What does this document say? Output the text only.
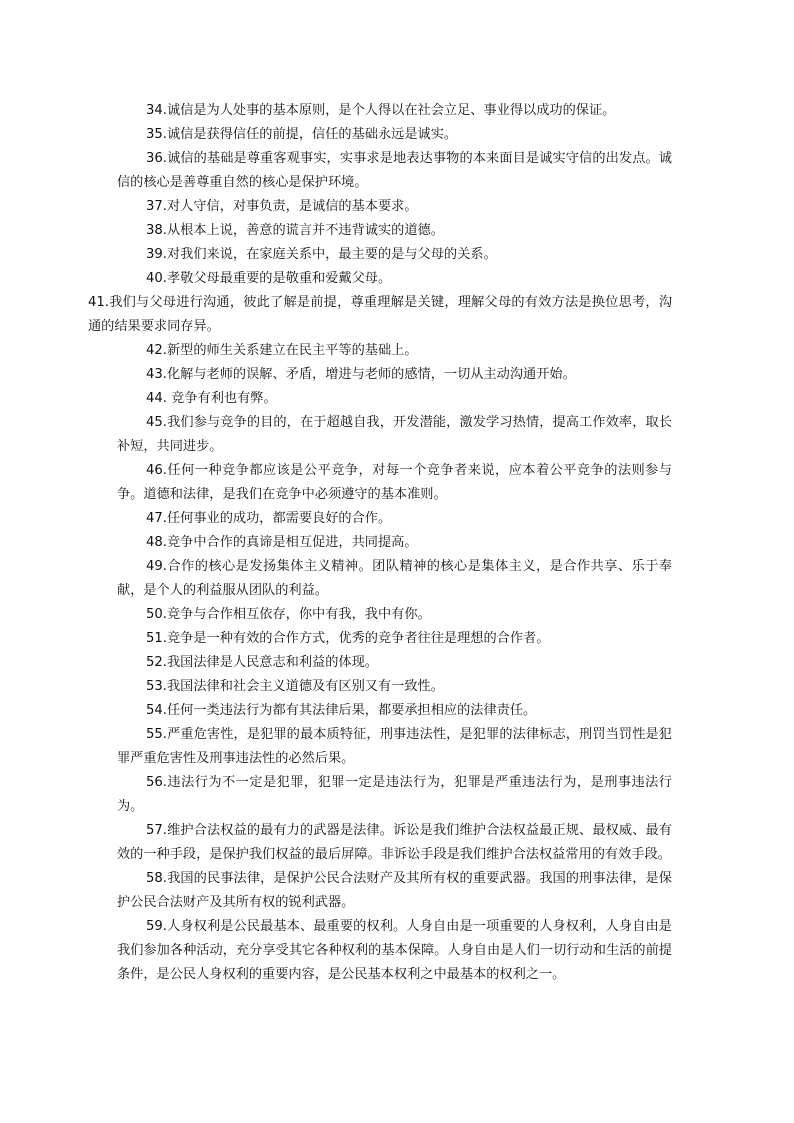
34.诚信是为人处事的基本原则，是个人得以在社会立足、事业得以成功的保证。

35.诚信是获得信任的前提，信任的基础永远是诚实。

36.诚信的基础是尊重客观事实，实事求是地表达事物的本来面目是诚实守信的出发点。诚信的核心是善尊重自然的核心是保护环境。

37.对人守信，对事负责，是诚信的基本要求。

38.从根本上说，善意的谎言并不违背诚实的道德。

39.对我们来说，在家庭关系中，最主要的是与父母的关系。

40.孝敬父母最重要的是敬重和爱戴父母。

41.我们与父母进行沟通，彼此了解是前提，尊重理解是关键，理解父母的有效方法是换位思考，沟通的结果要求同存异。

42.新型的师生关系建立在民主平等的基础上。

43.化解与老师的误解、矛盾，增进与老师的感情，一切从主动沟通开始。

44. 竞争有利也有弊。

45.我们参与竞争的目的，在于超越自我，开发潜能，激发学习热情，提高工作效率，取长补短，共同进步。

46.任何一种竞争都应该是公平竞争，对每一个竞争者来说，应本着公平竞争的法则参与争。道德和法律，是我们在竞争中必须遵守的基本准则。

47.任何事业的成功，都需要良好的合作。

48.竞争中合作的真谛是相互促进，共同提高。

49.合作的核心是发扬集体主义精神。团队精神的核心是集体主义，是合作共享、乐于奉献，是个人的利益服从团队的利益。

50.竞争与合作相互依存，你中有我，我中有你。

51.竞争是一种有效的合作方式，优秀的竞争者往往是理想的合作者。

52.我国法律是人民意志和利益的体现。

53.我国法律和社会主义道德及有区别又有一致性。

54.任何一类违法行为都有其法律后果，都要承担相应的法律责任。

55.严重危害性，是犯罪的最本质特征，刑事违法性，是犯罪的法律标志，刑罚当罚性是犯罪严重危害性及刑事违法性的必然后果。

56.违法行为不一定是犯罪，犯罪一定是违法行为，犯罪是严重违法行为，是刑事违法行为。

57.维护合法权益的最有力的武器是法律。诉讼是我们维护合法权益最正规、最权威、最有效的一种手段，是保护我们权益的最后屏障。非诉讼手段是我们维护合法权益常用的有效手段。

58.我国的民事法律，是保护公民合法财产及其所有权的重要武器。我国的刑事法律，是保护公民合法财产及其所有权的锐利武器。

59.人身权利是公民最基本、最重要的权利。人身自由是一项重要的人身权利，人身自由是我们参加各种活动，充分享受其它各种权利的基本保障。人身自由是人们一切行动和生活的前提条件，是公民人身权利的重要内容，是公民基本权利之中最基本的权利之一。
